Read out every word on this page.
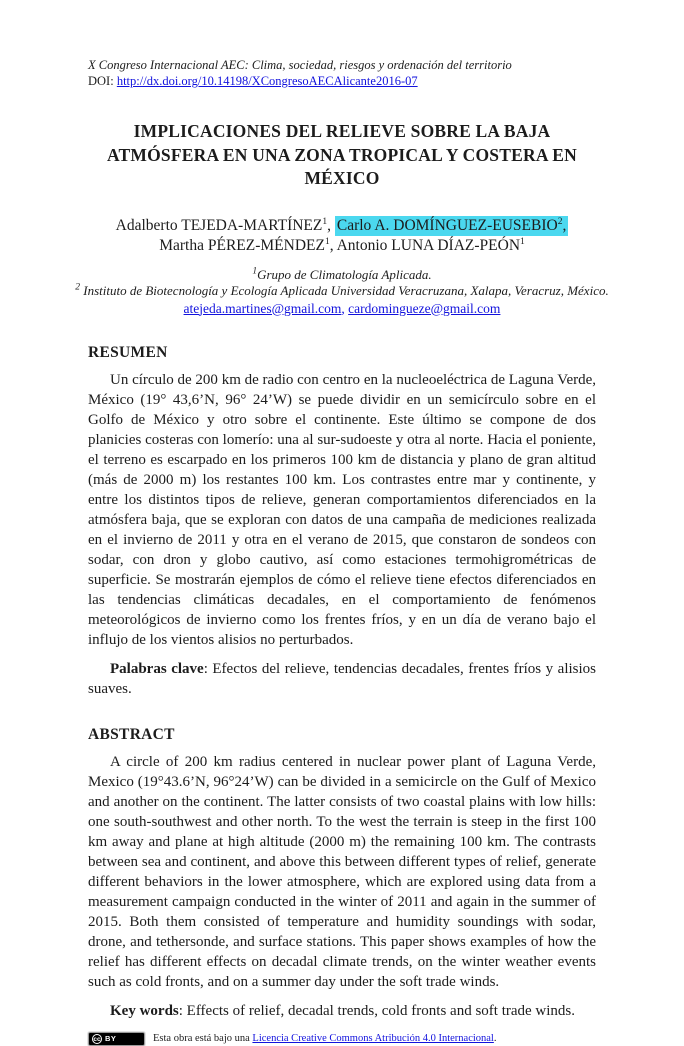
X Congreso Internacional AEC: Clima, sociedad, riesgos y ordenación del territorio
DOI: http://dx.doi.org/10.14198/XCongresoAECAlicante2016-07
IMPLICACIONES DEL RELIEVE SOBRE LA BAJA ATMÓSFERA EN UNA ZONA TROPICAL Y COSTERA EN MÉXICO
Adalberto TEJEDA-MARTÍNEZ$^1$, Carlo A. DOMÍNGUEZ-EUSEBIO$^2$,
Martha PÉREZ-MÉNDEZ$^1$, Antonio LUNA DÍAZ-PEÓN$^1$
$^1$Grupo de Climatología Aplicada.
$^2$ Instituto de Biotecnología y Ecología Aplicada Universidad Veracruzana, Xalapa, Veracruz, México.
atejeda.martines@gmail.com, cardomingueze@gmail.com
RESUMEN

Un círculo de 200 km de radio con centro en la nucleoeléctrica de Laguna Verde, México (19° 43,6’N, 96° 24’W) se puede dividir en un semicírculo sobre en el Golfo de México y otro sobre el continente. Este último se compone de dos planicies costeras con lomerío: una al sur-sudoeste y otra al norte. Hacia el poniente, el terreno es escarpado en los primeros 100 km de distancia y plano de gran altitud (más de 2000 m) los restantes 100 km. Los contrastes entre mar y continente, y entre los distintos tipos de relieve, generan comportamientos diferenciados en la atmósfera baja, que se exploran con datos de una campaña de mediciones realizada en el invierno de 2011 y otra en el verano de 2015, que constaron de sondeos con sodar, con dron y globo cautivo, así como estaciones termohigrométricas de superficie. Se mostrarán ejemplos de cómo el relieve tiene efectos diferenciados en las tendencias climáticas decadales, en el comportamiento de fenómenos meteorológicos de invierno como los frentes fríos, y en un día de verano bajo el influjo de los vientos alisios no perturbados.

Palabras clave: Efectos del relieve, tendencias decadales, frentes fríos y alisios suaves.

ABSTRACT

A circle of 200 km radius centered in nuclear power plant of Laguna Verde, Mexico (19°43.6’N, 96°24’W) can be divided in a semicircle on the Gulf of Mexico and another on the continent. The latter consists of two coastal plains with low hills: one south-southwest and other north. To the west the terrain is steep in the first 100 km away and plane at high altitude (2000 m) the remaining 100 km. The contrasts between sea and continent, and above this between different types of relief, generate different behaviors in the lower atmosphere, which are explored using data from a measurement campaign conducted in the winter of 2011 and again in the summer of 2015. Both them consisted of temperature and humidity soundings with sodar, drone, and tethersonde, and surface stations. This paper shows examples of how the relief has different effects on decadal climate trends, on the winter weather events such as cold fronts, and on a summer day under the soft trade winds.

Key words: Effects of relief, decadal trends, cold fronts and soft trade winds.

cc BY	Esta obra está bajo una Licencia Creative Commons Atribución 4.0 Internacional.
